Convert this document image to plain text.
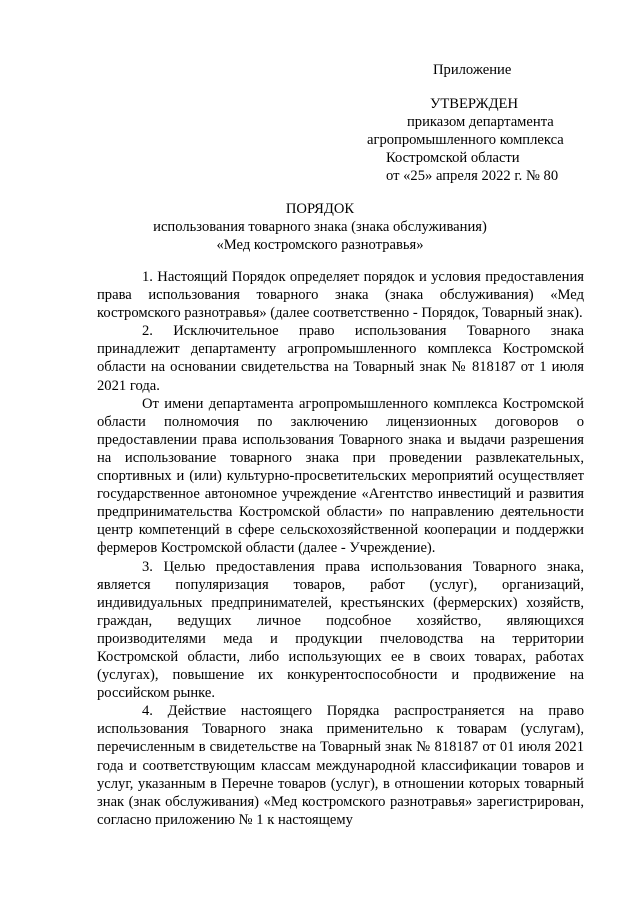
Приложение
УТВЕРЖДЕН
приказом департамента
агропромышленного комплекса
Костромской области
от «25» апреля 2022 г. № 80
ПОРЯДОК
использования товарного знака (знака обслуживания)
«Мед костромского разнотравья»

1. Настоящий Порядок определяет порядок и условия предоставления права использования товарного знака (знака обслуживания) «Мед костромского разнотравья» (далее соответственно - Порядок, Товарный знак).

2. Исключительное право использования Товарного знака принадлежит департаменту агропромышленного комплекса Костромской области на основании свидетельства на Товарный знак № 818187 от 1 июля 2021 года.

От имени департамента агропромышленного комплекса Костромской области полномочия по заключению лицензионных договоров о предоставлении права использования Товарного знака и выдачи разрешения на использование товарного знака при проведении развлекательных, спортивных и (или) культурно-просветительских мероприятий осуществляет государственное автономное учреждение «Агентство инвестиций и развития предпринимательства Костромской области» по направлению деятельности центр компетенций в сфере сельскохозяйственной кооперации и поддержки фермеров Костромской области (далее - Учреждение).

3. Целью предоставления права использования Товарного знака, является популяризация товаров, работ (услуг), организаций, индивидуальных предпринимателей, крестьянских (фермерских) хозяйств, граждан, ведущих личное подсобное хозяйство, являющихся производителями меда и продукции пчеловодства на территории Костромской области, либо использующих ее в своих товарах, работах (услугах), повышение их конкурентоспособности и продвижение на российском рынке.

4. Действие настоящего Порядка распространяется на право использования Товарного знака применительно к товарам (услугам), перечисленным в свидетельстве на Товарный знак № 818187 от 01 июля 2021 года и соответствующим классам международной классификации товаров и услуг, указанным в Перечне товаров (услуг), в отношении которых товарный знак (знак обслуживания) «Мед костромского разнотравья» зарегистрирован, согласно приложению № 1 к настоящему
